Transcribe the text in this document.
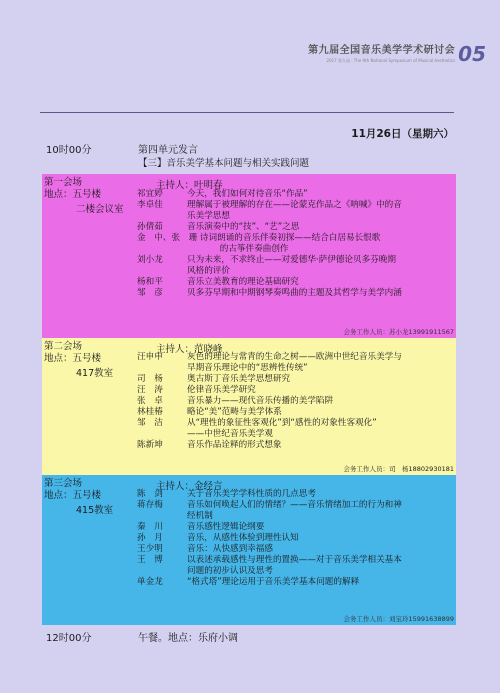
第九届全国音乐美学学术研讨会
2017 第九届 · The 9th National Symposium of Musical Aesthetics 05
11月26日（星期六）
10时00分	第四单元发言
【三】音乐美学基本问题与相关实践问题
第一会场
地点：五号楼
二楼会议室
主持人：叶明春
祁宜婷	今天，我们如何对待音乐“作品”
李卓佳	理解属于被理解的存在——论蒙克作品之《呐喊》中的音
乐美学思想
孙倩茹	音乐演奏中的“技”、“艺”之思
金　中、张　珊 诗词朗诵的音乐伴奏初探——结合白居易长恨歌
的古筝伴奏曲创作
刘小龙	只为未来，不求终止——对爱德华·萨伊德论贝多芬晚期
风格的评价
杨和平	音乐立美教育的理论基础研究
邹　彦	贝多芬早期和中期钢琴奏鸣曲的主题及其哲学与美学内涵
会务工作人员：苏小龙13991911567
第二会场
地点：五号楼
417教室
主持人：范晓峰
汪申申	灰色的理论与常青的生命之树——欧洲中世纪音乐美学与
早期音乐理论中的“思辨性传统”
司　杨	奥古斯丁音乐美学思想研究
汪　涛	伦律音乐美学研究
张　卓	音乐暴力——现代音乐传播的美学陷阱
林桂椿	略论“美”范畴与美学体系
邹　洁	从“理性的象征性客观化”到“感性的对象性客观化”
——中世纪音乐美学观
陈新坤	音乐作品诠释的形式想象
会务工作人员：司　杨18802930181
第三会场
地点：五号楼
415教室
主持人：金经言
陈　剑	关于音乐美学学科性质的几点思考
蒋存梅	音乐如何唤起人们的情绪？——音乐情绪加工的行为和神
经机制
秦　川	音乐感性逻辑论纲要
孙　月	音乐，从感性体验到理性认知
王少明	音乐：从快感到幸福感
王　博	以表述承载感性与理性的置换——对于音乐美学相关基本
问题的初步认识及思考
单金龙	“格式塔”理论运用于音乐美学基本问题的解释
会务工作人员：刘宝玲15991638899
12时00分	午餐。地点：乐府小调
